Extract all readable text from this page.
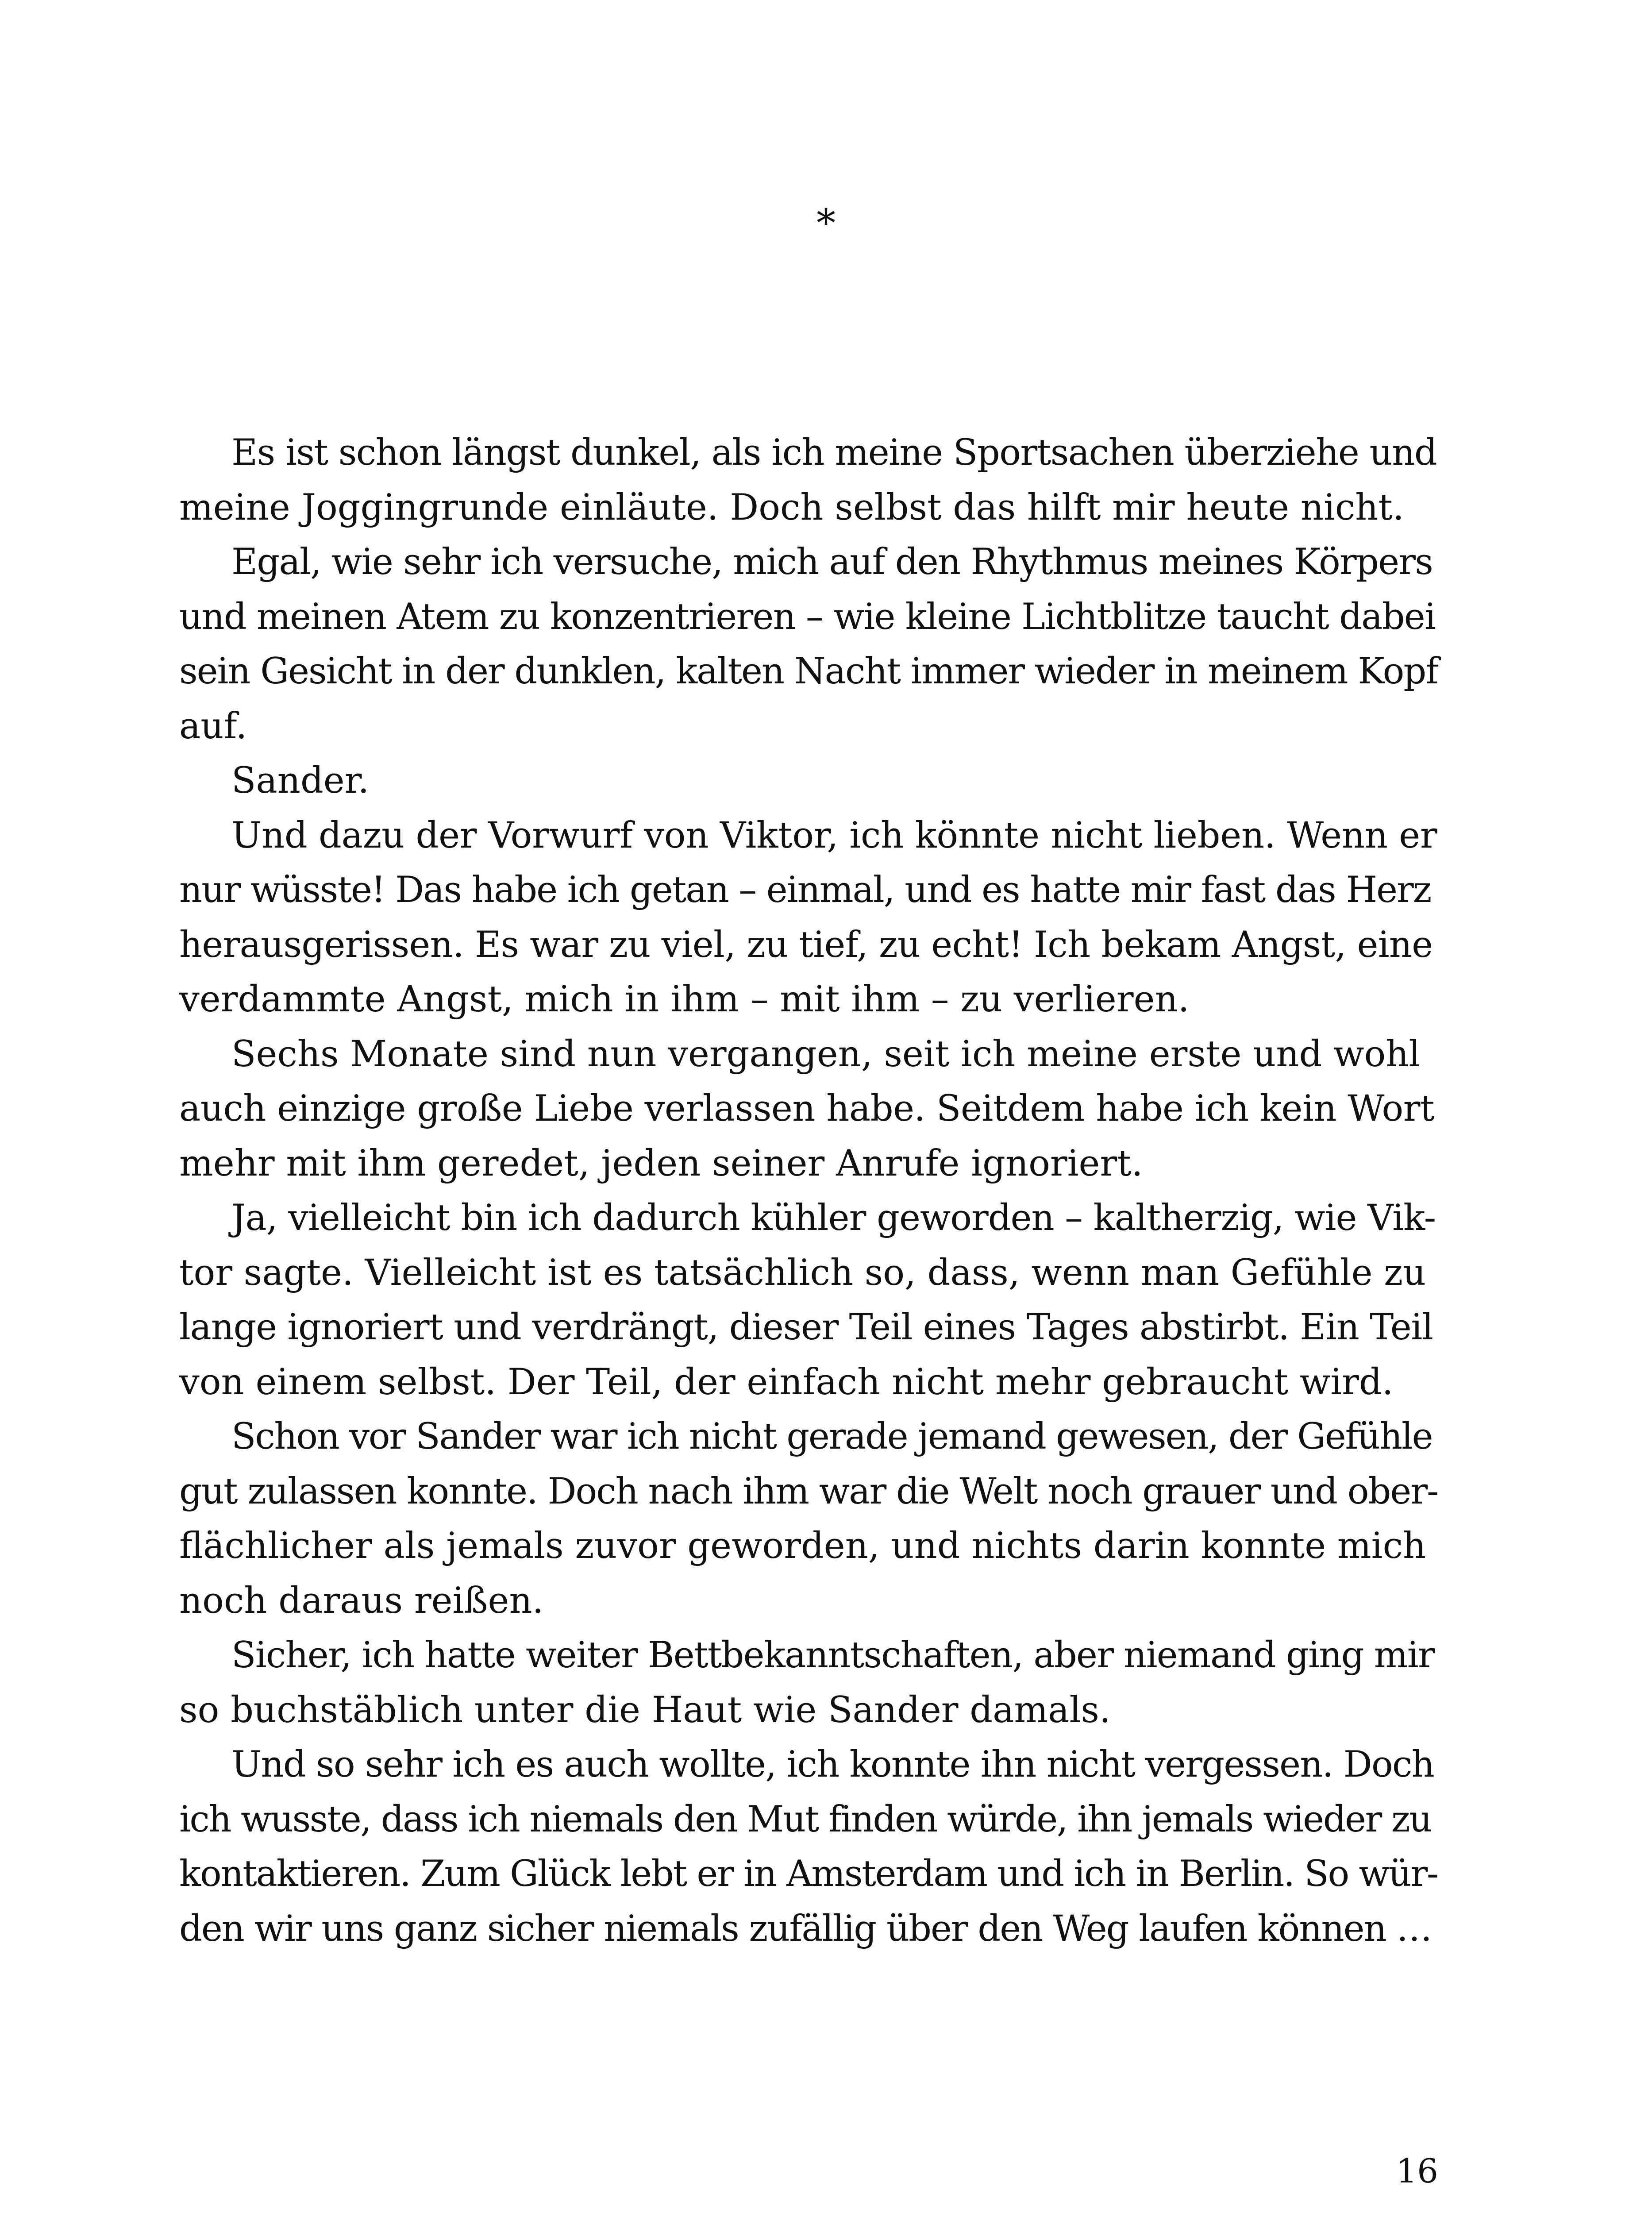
*
Es ist schon längst dunkel, als ich meine Sportsachen überziehe und
meine Joggingrunde einläute. Doch selbst das hilft mir heute nicht.
Egal, wie sehr ich versuche, mich auf den Rhythmus meines Körpers
und meinen Atem zu konzentrieren – wie kleine Lichtblitze taucht dabei
sein Gesicht in der dunklen, kalten Nacht immer wieder in meinem Kopf
auf.
Sander.
Und dazu der Vorwurf von Viktor, ich könnte nicht lieben. Wenn er
nur wüsste! Das habe ich getan – einmal, und es hatte mir fast das Herz
herausgerissen. Es war zu viel, zu tief, zu echt! Ich bekam Angst, eine
verdammte Angst, mich in ihm – mit ihm – zu verlieren.
Sechs Monate sind nun vergangen, seit ich meine erste und wohl
auch einzige große Liebe verlassen habe. Seitdem habe ich kein Wort
mehr mit ihm geredet, jeden seiner Anrufe ignoriert.
Ja, vielleicht bin ich dadurch kühler geworden – kaltherzig, wie Vik-
tor sagte. Vielleicht ist es tatsächlich so, dass, wenn man Gefühle zu
lange ignoriert und verdrängt, dieser Teil eines Tages abstirbt. Ein Teil
von einem selbst. Der Teil, der einfach nicht mehr gebraucht wird.
Schon vor Sander war ich nicht gerade jemand gewesen, der Gefühle
gut zulassen konnte. Doch nach ihm war die Welt noch grauer und ober-
flächlicher als jemals zuvor geworden, und nichts darin konnte mich
noch daraus reißen.
Sicher, ich hatte weiter Bettbekanntschaften, aber niemand ging mir
so buchstäblich unter die Haut wie Sander damals.
Und so sehr ich es auch wollte, ich konnte ihn nicht vergessen. Doch
ich wusste, dass ich niemals den Mut finden würde, ihn jemals wieder zu
kontaktieren. Zum Glück lebt er in Amsterdam und ich in Berlin. So wür-
den wir uns ganz sicher niemals zufällig über den Weg laufen können …
16
